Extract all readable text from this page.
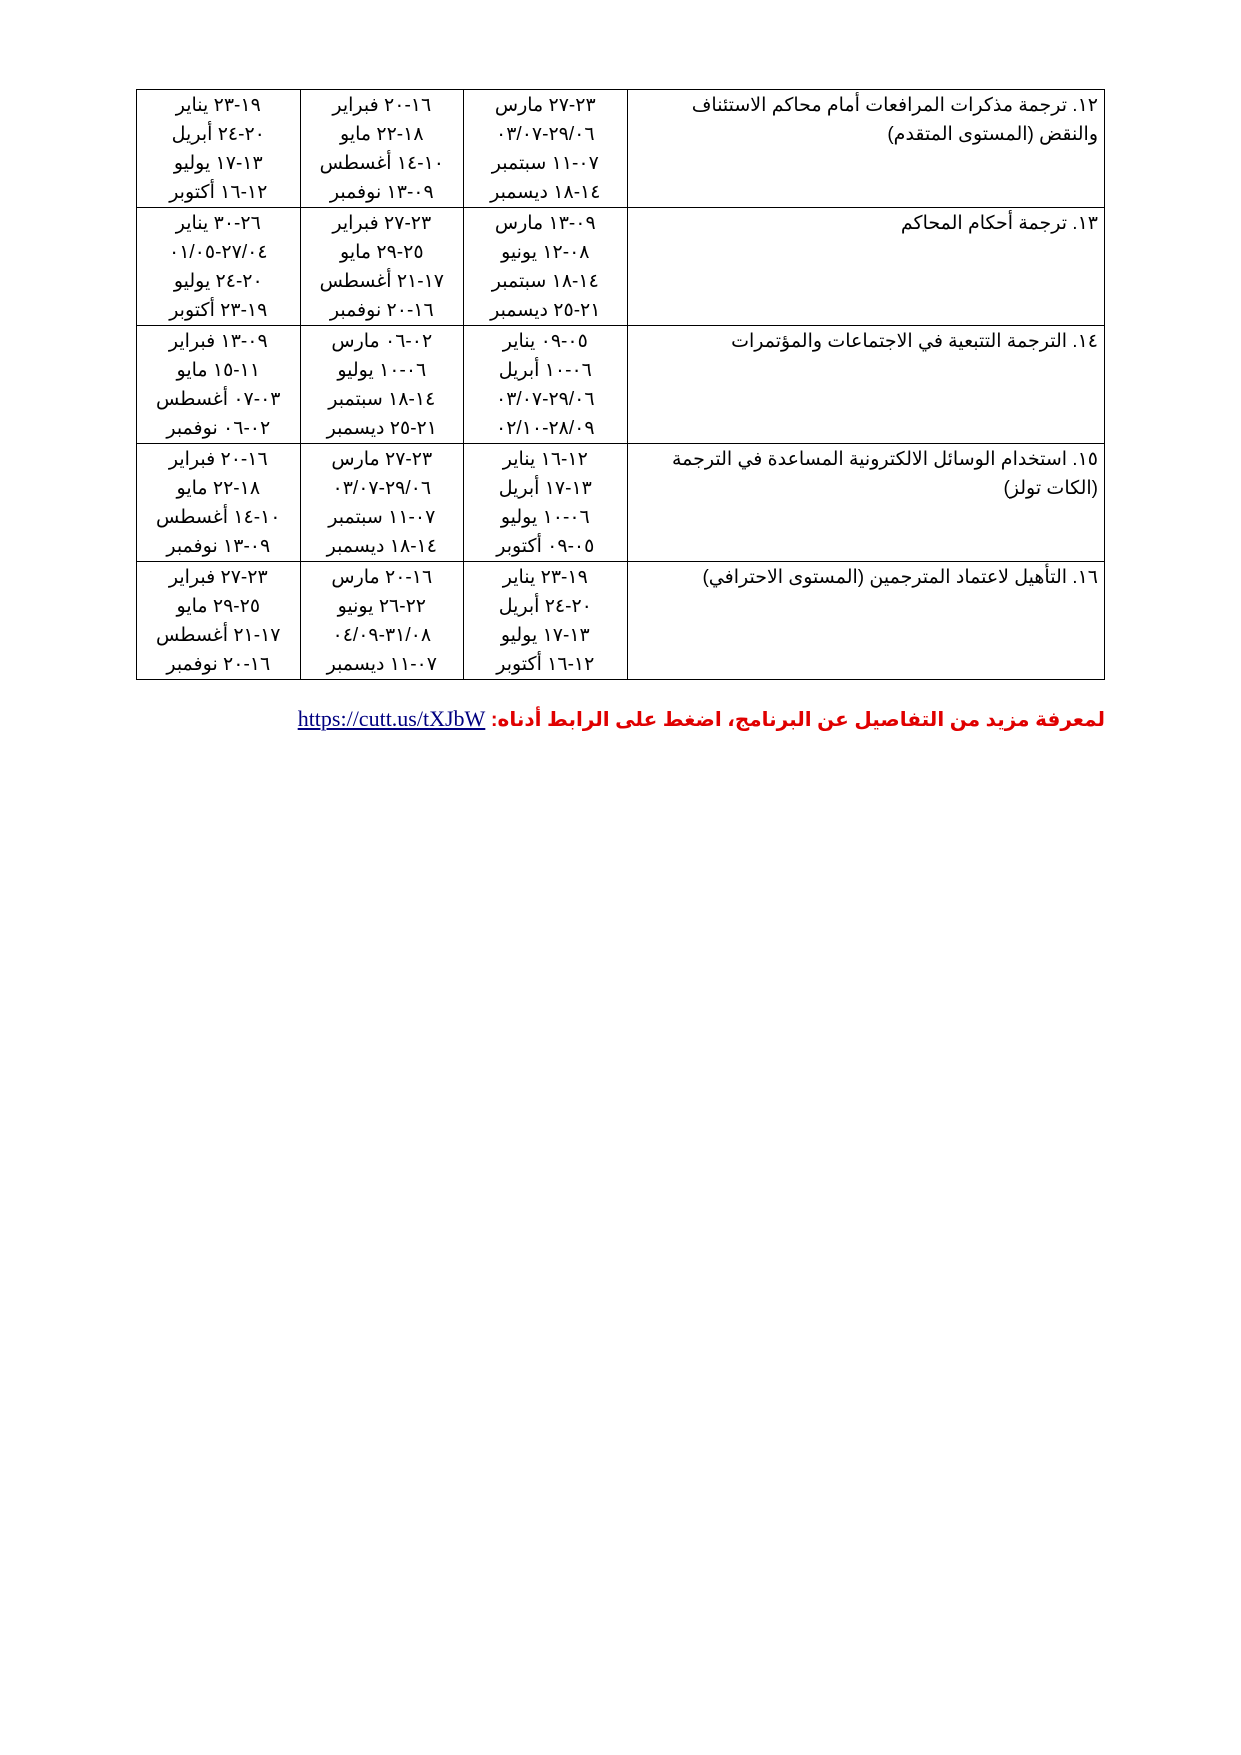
١٢. ترجمة مذكرات المرافعات أمام محاكم الاستئناف
والنقض (المستوى المتقدم)	٢٣-٢٧ مارس
٢٩/٠٦-٠٣/٠٧
٠٧-١١ سبتمبر
١٤-١٨ ديسمبر	١٦-٢٠ فبراير
١٨-٢٢ مايو
١٠-١٤ أغسطس
٠٩-١٣ نوفمبر	١٩-٢٣ يناير
٢٠-٢٤ أبريل
١٣-١٧ يوليو
١٢-١٦ أكتوبر

١٣. ترجمة أحكام المحاكم	٠٩-١٣ مارس
٠٨-١٢ يونيو
١٤-١٨ سبتمبر
٢١-٢٥ ديسمبر	٢٣-٢٧ فبراير
٢٥-٢٩ مايو
١٧-٢١ أغسطس
١٦-٢٠ نوفمبر	٢٦-٣٠ يناير
٢٧/٠٤-٠١/٠٥
٢٠-٢٤ يوليو
١٩-٢٣ أكتوبر

١٤. الترجمة التتبعية في الاجتماعات والمؤتمرات	٠٥-٠٩ يناير
٠٦-١٠ أبريل
٢٩/٠٦-٠٣/٠٧
٢٨/٠٩-٠٢/١٠	٠٢-٠٦ مارس
٠٦-١٠ يوليو
١٤-١٨ سبتمبر
٢١-٢٥ ديسمبر	٠٩-١٣ فبراير
١١-١٥ مايو
٠٣-٠٧ أغسطس
٠٢-٠٦ نوفمبر

١٥. استخدام الوسائل الالكترونية المساعدة في الترجمة
(الكات تولز)	١٢-١٦ يناير
١٣-١٧ أبريل
٠٦-١٠ يوليو
٠٥-٠٩ أكتوبر	٢٣-٢٧ مارس
٢٩/٠٦-٠٣/٠٧
٠٧-١١ سبتمبر
١٤-١٨ ديسمبر	١٦-٢٠ فبراير
١٨-٢٢ مايو
١٠-١٤ أغسطس
٠٩-١٣ نوفمبر

١٦. التأهيل لاعتماد المترجمين (المستوى الاحترافي)	١٩-٢٣ يناير
٢٠-٢٤ أبريل
١٣-١٧ يوليو
١٢-١٦ أكتوبر	١٦-٢٠ مارس
٢٢-٢٦ يونيو
٣١/٠٨-٠٤/٠٩
٠٧-١١ ديسمبر	٢٣-٢٧ فبراير
٢٥-٢٩ مايو
١٧-٢١ أغسطس
١٦-٢٠ نوفمبر
لمعرفة مزيد من التفاصيل عن البرنامج، اضغط على الرابط أدناه: https://cutt.us/tXJbW
